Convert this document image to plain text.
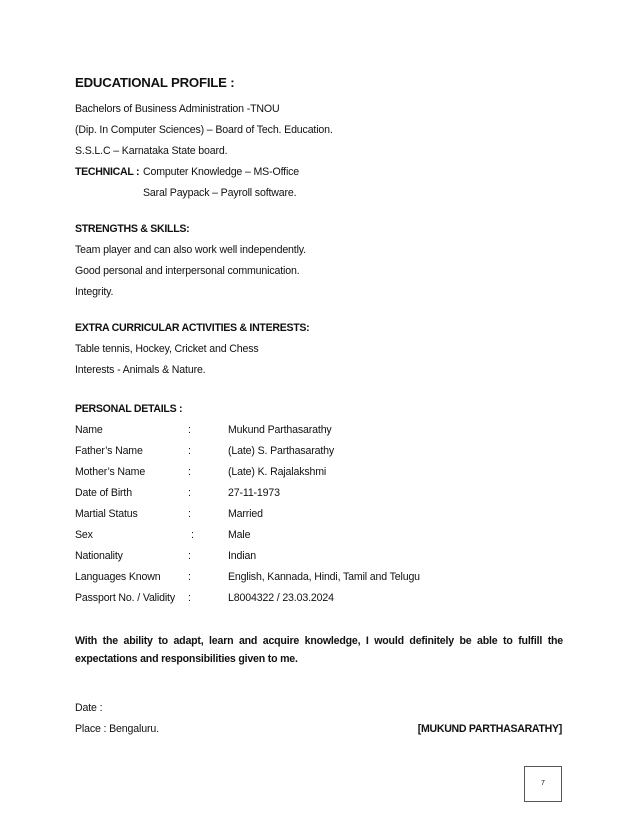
EDUCATIONAL PROFILE :
Bachelors of Business Administration -TNOU
(Dip. In Computer Sciences) – Board of Tech. Education.
S.S.L.C – Karnataka State board.
TECHNICAL : Computer Knowledge – MS-Office
Saral Paypack – Payroll software.
STRENGTHS & SKILLS:
Team player and can also work well independently.
Good personal and interpersonal communication.
Integrity.
EXTRA CURRICULAR ACTIVITIES & INTERESTS:
Table tennis, Hockey, Cricket and Chess
Interests - Animals & Nature.
PERSONAL DETAILS :
Name	:	Mukund Parthasarathy
Father’s Name	:	(Late) S. Parthasarathy
Mother’s Name	:	(Late) K. Rajalakshmi
Date of Birth	:	27-11-1973
Martial Status	:	Married
Sex	:	Male
Nationality	:	Indian
Languages Known	:	English, Kannada, Hindi, Tamil and Telugu
Passport No. / Validity :	L8004322 / 23.03.2024
With the ability to adapt, learn and acquire knowledge, I would definitely be able to fulfill the expectations and responsibilities given to me.
Date :
Place : Bengaluru.	[MUKUND PARTHASARATHY]
7
